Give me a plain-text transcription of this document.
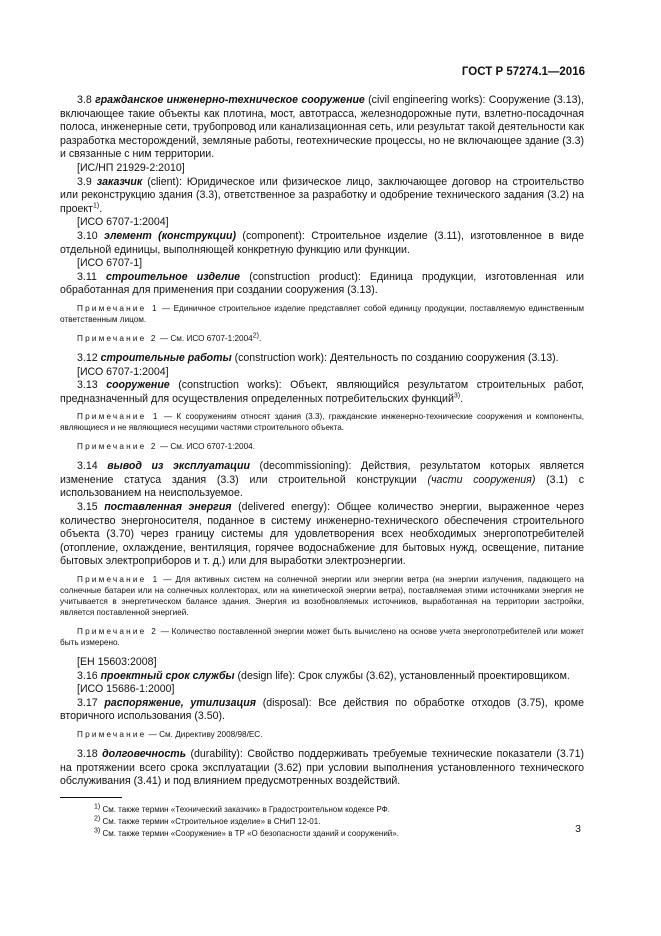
ГОСТ Р 57274.1—2016

3.8 гражданское инженерно-техническое сооружение (civil engineering works): Сооружение (3.13), включающее такие объекты как плотина, мост, автотрасса, железнодорожные пути, взлетно-посадочная полоса, инженерные сети, трубопровод или канализационная сеть, или результат такой деятельности как разработка месторождений, земляные работы, геотехнические процессы, но не включающее здание (3.3) и связанные с ним территории.

[ИС/НП 21929-2:2010]

3.9 заказчик (client): Юридическое или физическое лицо, заключающее договор на строительство или реконструкцию здания (3.3), ответственное за разработку и одобрение технического задания (3.2) на проект$^{1)}$.

[ИСО 6707-1:2004]

3.10 элемент (конструкции) (component): Строительное изделие (3.11), изготовленное в виде отдельной единицы, выполняющей конкретную функцию или функции.

[ИСО 6707-1]

3.11 строительное изделие (construction product): Единица продукции, изготовленная или обработанная для применения при создании сооружения (3.13).

Примечание 1 — Единичное строительное изделие представляет собой единицу продукции, поставляемую единственным ответственным лицом.

Примечание 2 — См. ИСО 6707-1:2004$^{2)}$.

3.12 строительные работы (construction work): Деятельность по созданию сооружения (3.13).

[ИСО 6707-1:2004]

3.13 сооружение (construction works): Объект, являющийся результатом строительных работ, предназначенный для осуществления определенных потребительских функций$^{3)}$.

Примечание 1 — К сооружениям относят здания (3.3), гражданские инженерно-технические сооружения и компоненты, являющиеся и не являющиеся несущими частями строительного объекта.

Примечание 2 — См. ИСО 6707-1:2004.

3.14 вывод из эксплуатации (decommissioning): Действия, результатом которых является изменение статуса здания (3.3) или строительной конструкции (части сооружения) (3.1) с использованием на неиспользуемое.

3.15 поставленная энергия (delivered energy): Общее количество энергии, выраженное через количество энергоносителя, поданное в систему инженерно-технического обеспечения строительного объекта (3.70) через границу системы для удовлетворения всех необходимых энергопотребителей (отопление, охлаждение, вентиляция, горячее водоснабжение для бытовых нужд, освещение, питание бытовых электроприборов и т. д.) или для выработки электроэнергии.

Примечание 1 — Для активных систем на солнечной энергии или энергии ветра (на энергии излучения, падающего на солнечные батареи или на солнечных коллекторах, или на кинетической энергии ветра), поставляемая этими источниками энергия не учитывается в энергетическом балансе здания. Энергия из возобновляемых источников, выработанная на территории застройки, является поставленной энергией.

Примечание 2 — Количество поставленной энергии может быть вычислено на основе учета энергопотребителей или может быть измерено.

[ЕН 15603:2008]

3.16 проектный срок службы (design life): Срок службы (3.62), установленный проектировщиком.

[ИСО 15686-1:2000]

3.17 распоряжение, утилизация (disposal): Все действия по обработке отходов (3.75), кроме вторичного использования (3.50).

Примечание — См. Директиву 2008/98/ЕС.

3.18 долговечность (durability): Свойство поддерживать требуемые технические показатели (3.71) на протяжении всего срока эксплуатации (3.62) при условии выполнения установленного технического обслуживания (3.41) и под влиянием предусмотренных воздействий.

$^{1)}$ См. также термин «Технический заказчик» в Градостроительном кодексе РФ.
$^{2)}$ См. также термин «Строительное изделие» в СНиП 12-01.
$^{3)}$ См. также термин «Сооружение» в ТР «О безопасности зданий и сооружений».	3
